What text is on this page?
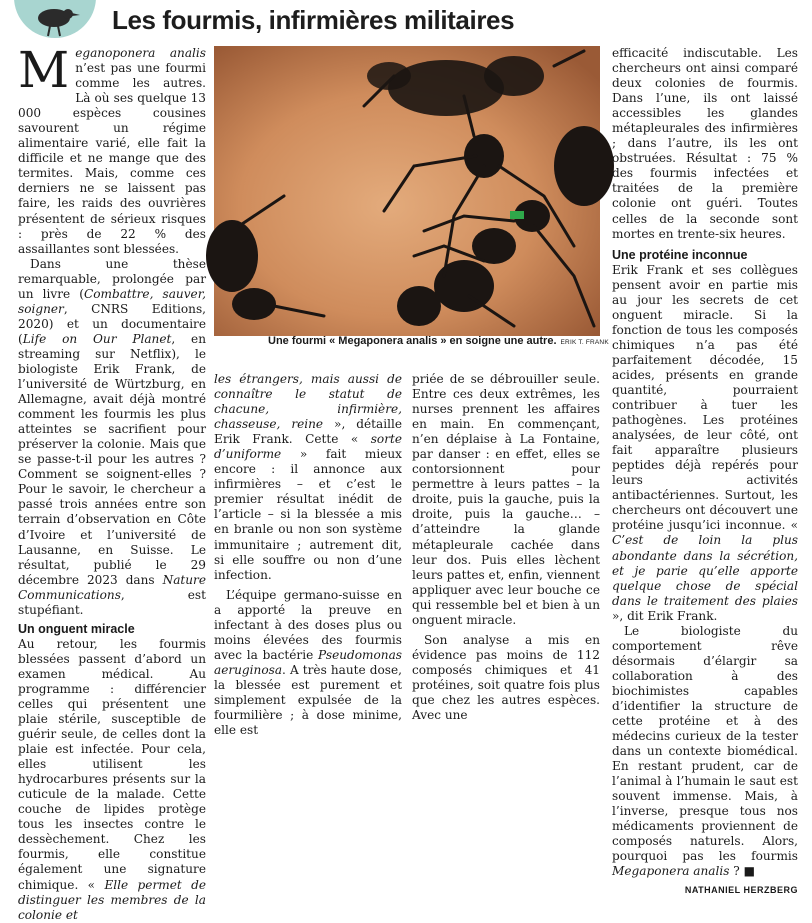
Les fourmis, infirmières militaires

Meganoponera analis n’est pas une fourmi comme les autres. Là où ses quelque 13 000 espèces cousines savourent un régime alimentaire varié, elle fait la difficile et ne mange que des termites. Mais, comme ces derniers ne se laissent pas faire, les raids des ouvrières présentent de sérieux risques : près de 22 % des assaillantes sont blessées.

Dans une thèse remarquable, prolongée par un livre (Combattre, sauver, soigner, CNRS Editions, 2020) et un documentaire (Life on Our Planet, en streaming sur Netflix), le biologiste Erik Frank, de l’université de Würtzburg, en Allemagne, avait déjà montré comment les fourmis les plus atteintes se sacrifient pour préserver la colonie. Mais que se passe-t-il pour les autres ? Comment se soignent-elles ? Pour le savoir, le chercheur a passé trois années entre son terrain d’observation en Côte d’Ivoire et l’université de Lausanne, en Suisse. Le résultat, publié le 29 décembre 2023 dans Nature Communications, est stupéfiant.

Un onguent miracle

Au retour, les fourmis blessées passent d’abord un examen médical. Au programme : différencier celles qui présentent une plaie stérile, susceptible de guérir seule, de celles dont la plaie est infectée. Pour cela, elles utilisent les hydrocarbures présents sur la cuticule de la malade. Cette couche de lipides protège tous les insectes contre le dessèchement. Chez les fourmis, elle constitue également une signature chimique. « Elle permet de distinguer les membres de la colonie et

Une fourmi « Megaponera analis » en soigne une autre. ERIK T. FRANK

les étrangers, mais aussi de connaître le statut de chacune, infirmière, chasseuse, reine », détaille Erik Frank. Cette « sorte d’uniforme » fait mieux encore : il annonce aux infirmières – et c’est le premier résultat inédit de l’article – si la blessée a mis en branle ou non son système immunitaire ; autrement dit, si elle souffre ou non d’une infection.

L’équipe germano-suisse en a apporté la preuve en infectant à des doses plus ou moins élevées des fourmis avec la bactérie Pseudomonas aeruginosa. A très haute dose, la blessée est purement et simplement expulsée de la fourmilière ; à dose minime, elle est

priée de se débrouiller seule. Entre ces deux extrêmes, les nurses prennent les affaires en main. En commençant, n’en déplaise à La Fontaine, par danser : en effet, elles se contorsionnent pour permettre à leurs pattes – la droite, puis la gauche, puis la droite, puis la gauche… – d’atteindre la glande métapleurale cachée dans leur dos. Puis elles lèchent leurs pattes et, enfin, viennent appliquer avec leur bouche ce qui ressemble bel et bien à un onguent miracle.

Son analyse a mis en évidence pas moins de 112 composés chimiques et 41 protéines, soit quatre fois plus que chez les autres espèces. Avec une

efficacité indiscutable. Les chercheurs ont ainsi comparé deux colonies de fourmis. Dans l’une, ils ont laissé accessibles les glandes métapleurales des infirmières ; dans l’autre, ils les ont obstruées. Résultat : 75 % des fourmis infectées et traitées de la première colonie ont guéri. Toutes celles de la seconde sont mortes en trente-six heures.

Une protéine inconnue

Erik Frank et ses collègues pensent avoir en partie mis au jour les secrets de cet onguent miracle. Si la fonction de tous les composés chimiques n’a pas été parfaitement décodée, 15 acides, présents en grande quantité, pourraient contribuer à tuer les pathogènes. Les protéines analysées, de leur côté, ont fait apparaître plusieurs peptides déjà repérés pour leurs activités antibactériennes. Surtout, les chercheurs ont découvert une protéine jusqu’ici inconnue. « C’est de loin la plus abondante dans la sécrétion, et je parie qu’elle apporte quelque chose de spécial dans le traitement des plaies », dit Erik Frank.

Le biologiste du comportement rêve désormais d’élargir sa collaboration à des biochimistes capables d’identifier la structure de cette protéine et à des médecins curieux de la tester dans un contexte biomédical. En restant prudent, car de l’animal à l’humain le saut est souvent immense. Mais, à l’inverse, presque tous nos médicaments proviennent de composés naturels. Alors, pourquoi pas les fourmis Megaponera analis ? ■

NATHANIEL HERZBERG
